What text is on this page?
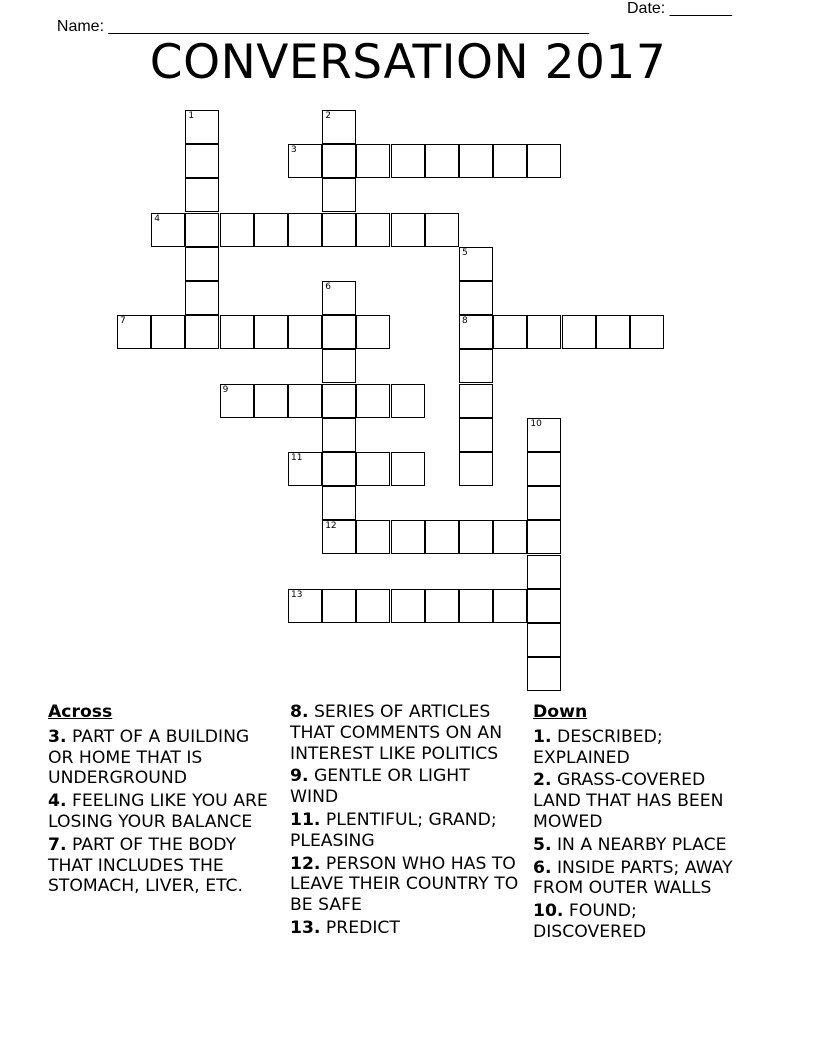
Name: ______________________________________________________

Date: _______

CONVERSATION 2017
1	2
3
4
5
8
6
7
9
10
11
12
13
Across
3. PART OF A BUILDING OR HOME THAT IS UNDERGROUND
4. FEELING LIKE YOU ARE LOSING YOUR BALANCE
7. PART OF THE BODY THAT INCLUDES THE STOMACH, LIVER, ETC.
8. SERIES OF ARTICLES THAT COMMENTS ON AN INTEREST LIKE POLITICS
9. GENTLE OR LIGHT WIND
11. PLENTIFUL; GRAND; PLEASING
12. PERSON WHO HAS TO LEAVE THEIR COUNTRY TO BE SAFE
13. PREDICT
Down
1. DESCRIBED; EXPLAINED
2. GRASS-COVERED LAND THAT HAS BEEN MOWED
5. IN A NEARBY PLACE
6. INSIDE PARTS; AWAY FROM OUTER WALLS
10. FOUND; DISCOVERED
